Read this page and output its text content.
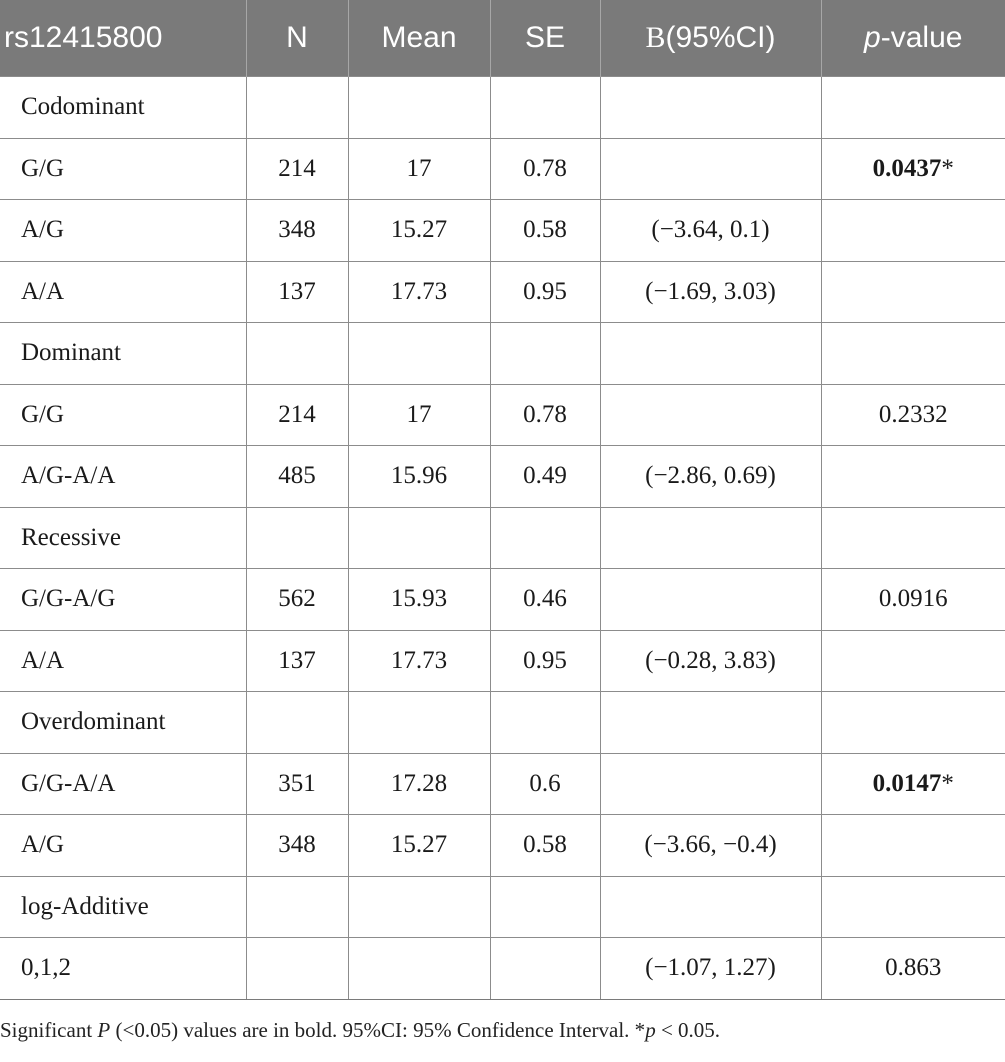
rs12415800	N	Mean	SE	B(95%CI)	p-value
Codominant					
G/G	214	17	0.78		0.0437*
A/G	348	15.27	0.58	(−3.64, 0.1)	
A/A	137	17.73	0.95	(−1.69, 3.03)	
Dominant					
G/G	214	17	0.78		0.2332
A/G-A/A	485	15.96	0.49	(−2.86, 0.69)	
Recessive					
G/G-A/G	562	15.93	0.46		0.0916
A/A	137	17.73	0.95	(−0.28, 3.83)	
Overdominant					
G/G-A/A	351	17.28	0.6		0.0147*
A/G	348	15.27	0.58	(−3.66, −0.4)	
log-Additive					
0,1,2				(−1.07, 1.27)	0.863
Significant P (<0.05) values are in bold. 95%CI: 95% Confidence Interval. *p < 0.05.
